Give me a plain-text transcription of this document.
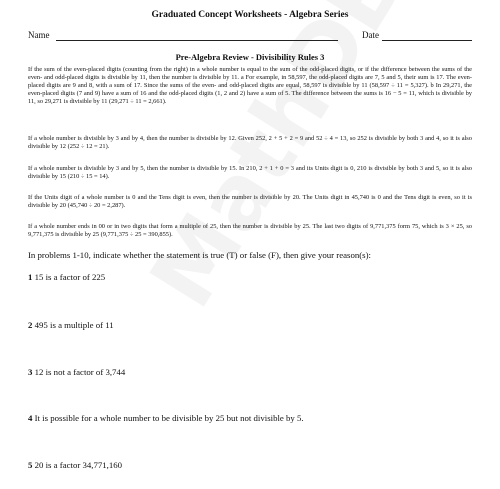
Graduated Concept Worksheets - Algebra Series
Name	Date
Pre-Algebra Review - Divisibility Rules 3

If the sum of the even-placed digits (counting from the right) in a whole number is equal to the sum of the odd-placed digits, or if the difference between the sums of the even- and odd-placed digits is divisible by 11, then the number is divisible by 11. a For example, in 58,597, the odd-placed digits are 7, 5 and 5, their sum is 17. The even-placed digits are 9 and 8, with a sum of 17. Since the sums of the even- and odd-placed digits are equal, 58,597 is divisible by 11 (58,597 ÷ 11 = 5,327). b In 29,271, the even-placed digits (7 and 9) have a sum of 16 and the odd-placed digits (1, 2 and 2) have a sum of 5. The difference between the sums is 16 − 5 = 11, which is divisible by 11, so 29,271 is divisible by 11 (29,271 ÷ 11 = 2,661).

If a whole number is divisible by 3 and by 4, then the number is divisible by 12. Given 252, 2 + 5 + 2 = 9 and 52 ÷ 4 = 13, so 252 is divisible by both 3 and 4, so it is also divisible by 12 (252 ÷ 12 = 21).

If a whole number is divisible by 3 and by 5, then the number is divisible by 15. In 210, 2 + 1 + 0 = 3 and its Units digit is 0, 210 is divisible by both 3 and 5, so it is also divisible by 15 (210 ÷ 15 = 14).

If the Units digit of a whole number is 0 and the Tens digit is even, then the number is divisible by 20. The Units digit in 45,740 is 0 and the Tens digit is even, so it is divisible by 20 (45,740 ÷ 20 = 2,287).

If a whole number ends in 00 or in two digits that form a multiple of 25, then the number is divisible by 25. The last two digits of 9,771,375 form 75, which is 3 × 25, so 9,771,375 is divisible by 25 (9,771,375 ÷ 25 = 390,855).

In problems 1-10, indicate whether the statement is true (T) or false (F), then give your reason(s):
1 15 is a factor of 225
2 495 is a multiple of 11
3 12 is not a factor of 3,744
4 It is possible for a whole number to be divisible by 25 but not divisible by 5.
5 20 is a factor 34,771,160
